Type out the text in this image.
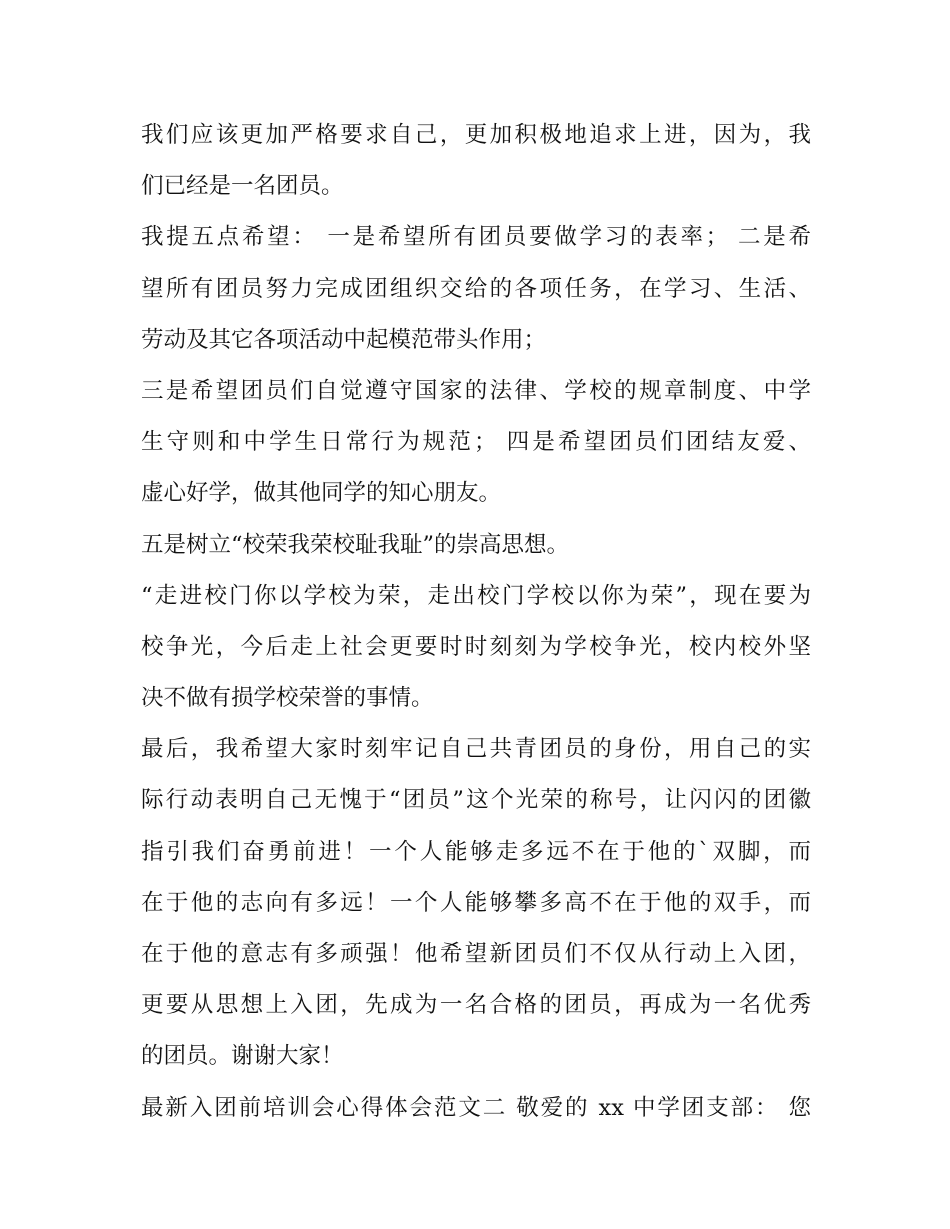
我们应该更加严格要求自己，更加积极地追求上进，因为，我
们已经是一名团员。
我提五点希望： 一是希望所有团员要做学习的表率； 二是希
望所有团员努力完成团组织交给的各项任务，在学习、生活、
劳动及其它各项活动中起模范带头作用；
三是希望团员们自觉遵守国家的法律、学校的规章制度、中学
生守则和中学生日常行为规范； 四是希望团员们团结友爱、
虚心好学，做其他同学的知心朋友。
五是树立“校荣我荣校耻我耻”的崇高思想。
“走进校门你以学校为荣，走出校门学校以你为荣”，现在要为
校争光，今后走上社会更要时时刻刻为学校争光，校内校外坚
决不做有损学校荣誉的事情。
最后，我希望大家时刻牢记自己共青团员的身份，用自己的实
际行动表明自己无愧于“团员”这个光荣的称号，让闪闪的团徽
指引我们奋勇前进！一个人能够走多远不在于他的`双脚，而
在于他的志向有多远！一个人能够攀多高不在于他的双手，而
在于他的意志有多顽强！他希望新团员们不仅从行动上入团，
更要从思想上入团，先成为一名合格的团员，再成为一名优秀
的团员。谢谢大家！
最新入团前培训会心得体会范文二 敬爱的 xx 中学团支部： 您
